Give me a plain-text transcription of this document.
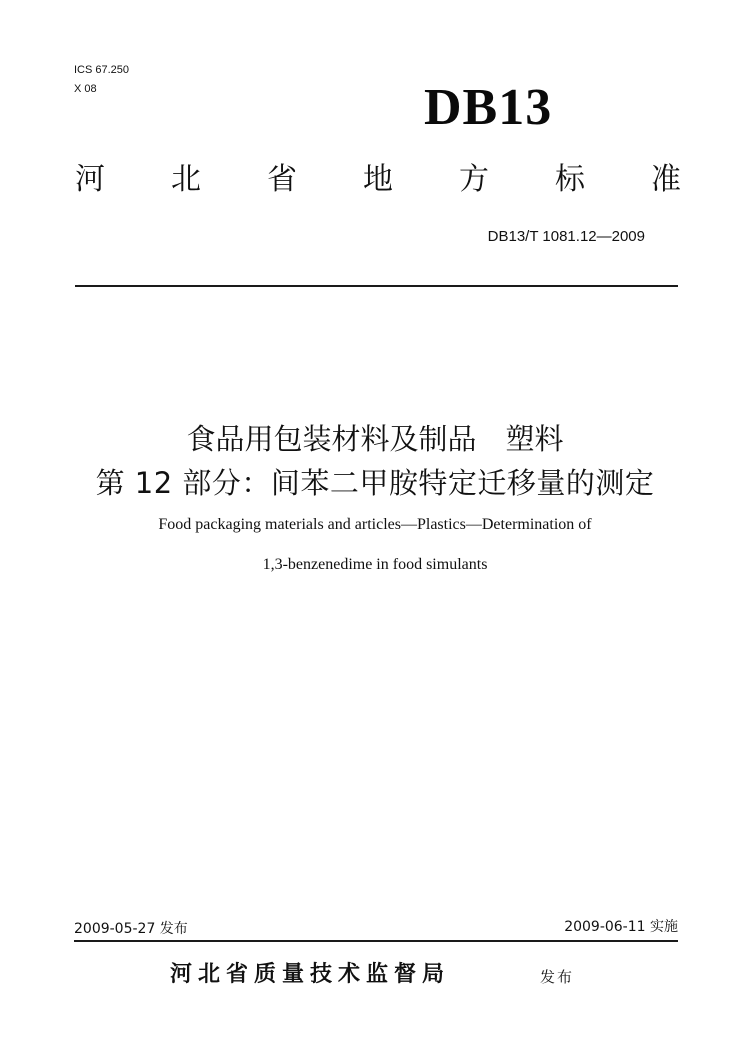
ICS 67.250
X 08	DB13
河 北 省 地 方 标 准
DB13/T 1081.12—2009
食品用包装材料及制品　塑料
第 12 部分：间苯二甲胺特定迁移量的测定
Food packaging materials and articles—Plastics—Determination of
1,3-benzenedime in food simulants
2009-05-27 发布	2009-06-11 实施
河北省质量技术监督局	发布
